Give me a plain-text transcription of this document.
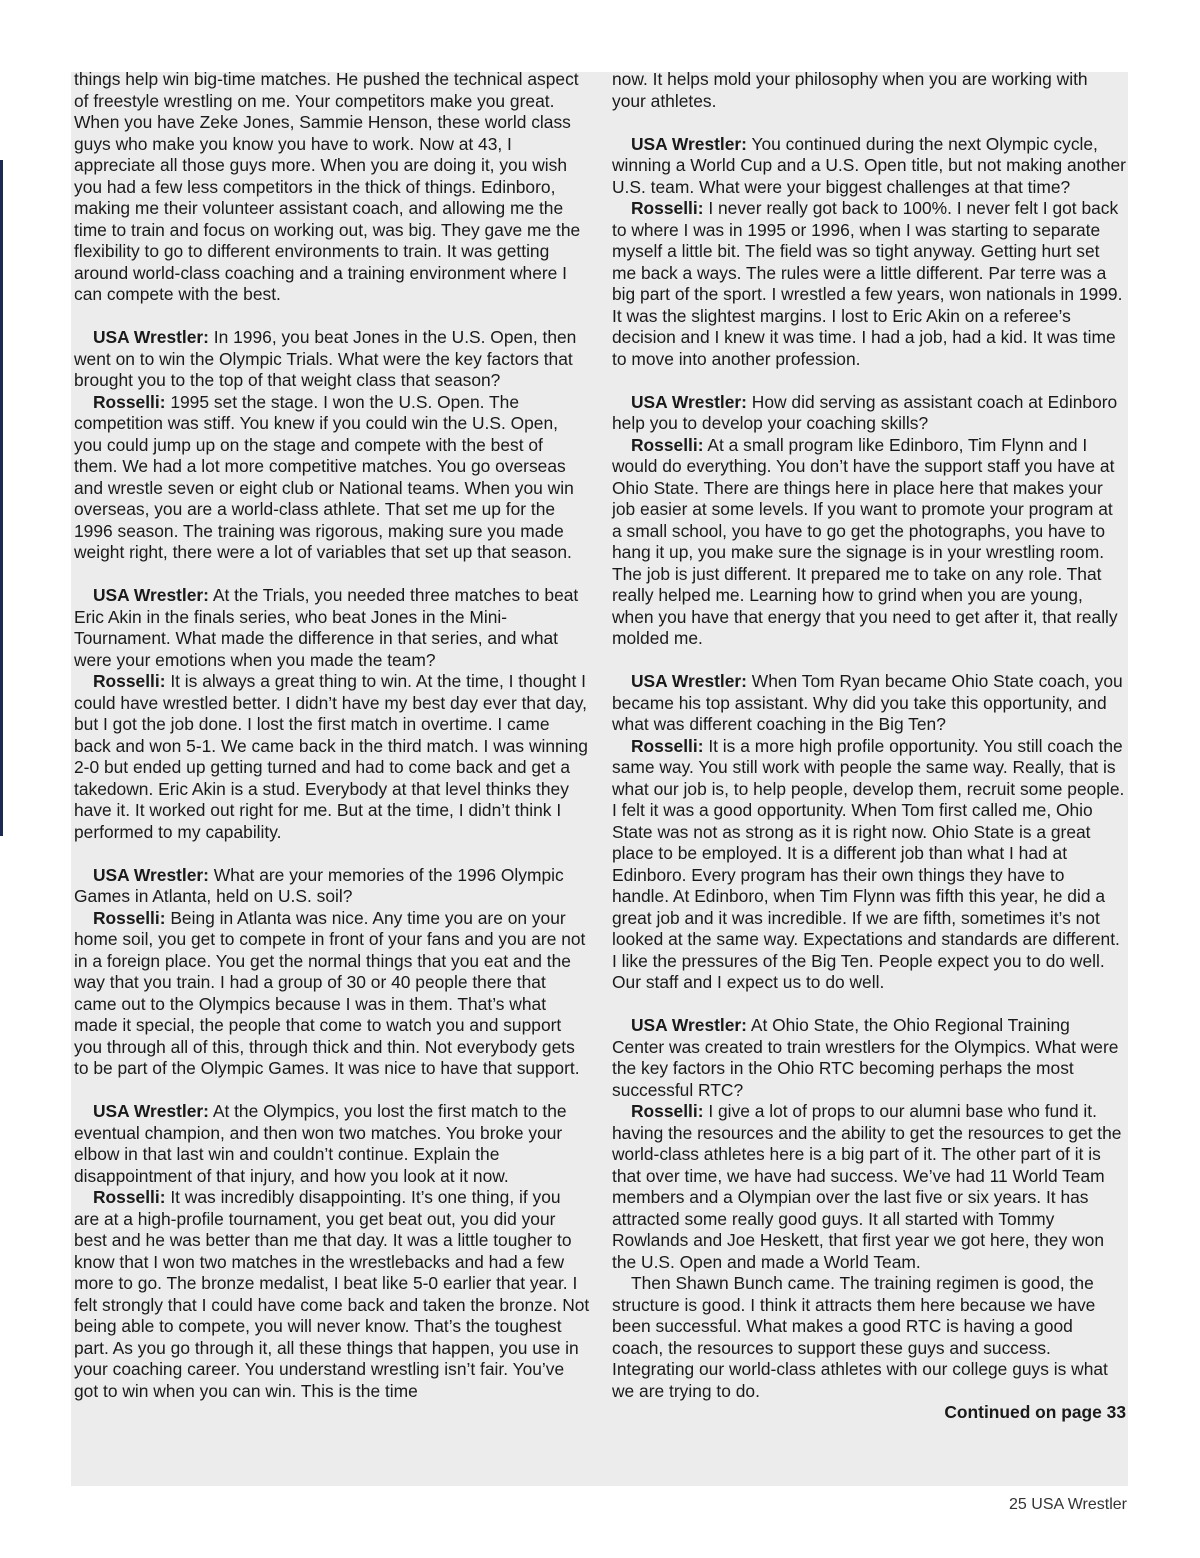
things help win big-time matches. He pushed the technical aspect of freestyle wrestling on me. Your competitors make you great. When you have Zeke Jones, Sammie Henson, these world class guys who make you know you have to work. Now at 43, I appreciate all those guys more. When you are doing it, you wish you had a few less competitors in the thick of things. Edinboro, making me their volunteer assistant coach, and allowing me the time to train and focus on working out, was big. They gave me the flexibility to go to different environments to train. It was getting around world-class coaching and a training environment where I can compete with the best.

USA Wrestler: In 1996, you beat Jones in the U.S. Open, then went on to win the Olympic Trials. What were the key factors that brought you to the top of that weight class that season?

Rosselli: 1995 set the stage. I won the U.S. Open. The competition was stiff. You knew if you could win the U.S. Open, you could jump up on the stage and compete with the best of them. We had a lot more competitive matches. You go overseas and wrestle seven or eight club or National teams. When you win overseas, you are a world-class athlete. That set me up for the 1996 season. The training was rigorous, making sure you made weight right, there were a lot of variables that set up that season.

USA Wrestler: At the Trials, you needed three matches to beat Eric Akin in the finals series, who beat Jones in the Mini-Tournament. What made the difference in that series, and what were your emotions when you made the team?

Rosselli: It is always a great thing to win. At the time, I thought I could have wrestled better. I didn’t have my best day ever that day, but I got the job done. I lost the first match in overtime. I came back and won 5-1. We came back in the third match. I was winning 2-0 but ended up getting turned and had to come back and get a takedown. Eric Akin is a stud. Everybody at that level thinks they have it. It worked out right for me. But at the time, I didn’t think I performed to my capability.

USA Wrestler: What are your memories of the 1996 Olympic Games in Atlanta, held on U.S. soil?

Rosselli: Being in Atlanta was nice. Any time you are on your home soil, you get to compete in front of your fans and you are not in a foreign place. You get the normal things that you eat and the way that you train. I had a group of 30 or 40 people there that came out to the Olympics because I was in them. That’s what made it special, the people that come to watch you and support you through all of this, through thick and thin. Not everybody gets to be part of the Olympic Games. It was nice to have that support.

USA Wrestler: At the Olympics, you lost the first match to the eventual champion, and then won two matches. You broke your elbow in that last win and couldn’t continue. Explain the disappointment of that injury, and how you look at it now.

Rosselli: It was incredibly disappointing. It’s one thing, if you are at a high-profile tournament, you get beat out, you did your best and he was better than me that day. It was a little tougher to know that I won two matches in the wrestlebacks and had a few more to go. The bronze medalist, I beat like 5-0 earlier that year. I felt strongly that I could have come back and taken the bronze. Not being able to compete, you will never know. That’s the toughest part. As you go through it, all these things that happen, you use in your coaching career. You understand wrestling isn’t fair. You’ve got to win when you can win. This is the time

now. It helps mold your philosophy when you are working with your athletes.

USA Wrestler: You continued during the next Olympic cycle, winning a World Cup and a U.S. Open title, but not making another U.S. team. What were your biggest challenges at that time?

Rosselli: I never really got back to 100%. I never felt I got back to where I was in 1995 or 1996, when I was starting to separate myself a little bit. The field was so tight anyway. Getting hurt set me back a ways. The rules were a little different. Par terre was a big part of the sport. I wrestled a few years, won nationals in 1999. It was the slightest margins. I lost to Eric Akin on a referee’s decision and I knew it was time. I had a job, had a kid. It was time to move into another profession.

USA Wrestler: How did serving as assistant coach at Edinboro help you to develop your coaching skills?

Rosselli: At a small program like Edinboro, Tim Flynn and I would do everything. You don’t have the support staff you have at Ohio State. There are things here in place here that makes your job easier at some levels. If you want to promote your program at a small school, you have to go get the photographs, you have to hang it up, you make sure the signage is in your wrestling room. The job is just different. It prepared me to take on any role. That really helped me. Learning how to grind when you are young, when you have that energy that you need to get after it, that really molded me.

USA Wrestler: When Tom Ryan became Ohio State coach, you became his top assistant. Why did you take this opportunity, and what was different coaching in the Big Ten?

Rosselli: It is a more high profile opportunity. You still coach the same way. You still work with people the same way. Really, that is what our job is, to help people, develop them, recruit some people. I felt it was a good opportunity. When Tom first called me, Ohio State was not as strong as it is right now. Ohio State is a great place to be employed. It is a different job than what I had at Edinboro. Every program has their own things they have to handle. At Edinboro, when Tim Flynn was fifth this year, he did a great job and it was incredible. If we are fifth, sometimes it’s not looked at the same way. Expectations and standards are different. I like the pressures of the Big Ten. People expect you to do well. Our staff and I expect us to do well.

USA Wrestler: At Ohio State, the Ohio Regional Training Center was created to train wrestlers for the Olympics. What were the key factors in the Ohio RTC becoming perhaps the most successful RTC?

Rosselli: I give a lot of props to our alumni base who fund it. having the resources and the ability to get the resources to get the world-class athletes here is a big part of it. The other part of it is that over time, we have had success. We’ve had 11 World Team members and a Olympian over the last five or six years. It has attracted some really good guys. It all started with Tommy Rowlands and Joe Heskett, that first year we got here, they won the U.S. Open and made a World Team.

Then Shawn Bunch came. The training regimen is good, the structure is good. I think it attracts them here because we have been successful. What makes a good RTC is having a good coach, the resources to support these guys and success. Integrating our world-class athletes with our college guys is what we are trying to do.

Continued on page 33

25 USA Wrestler
